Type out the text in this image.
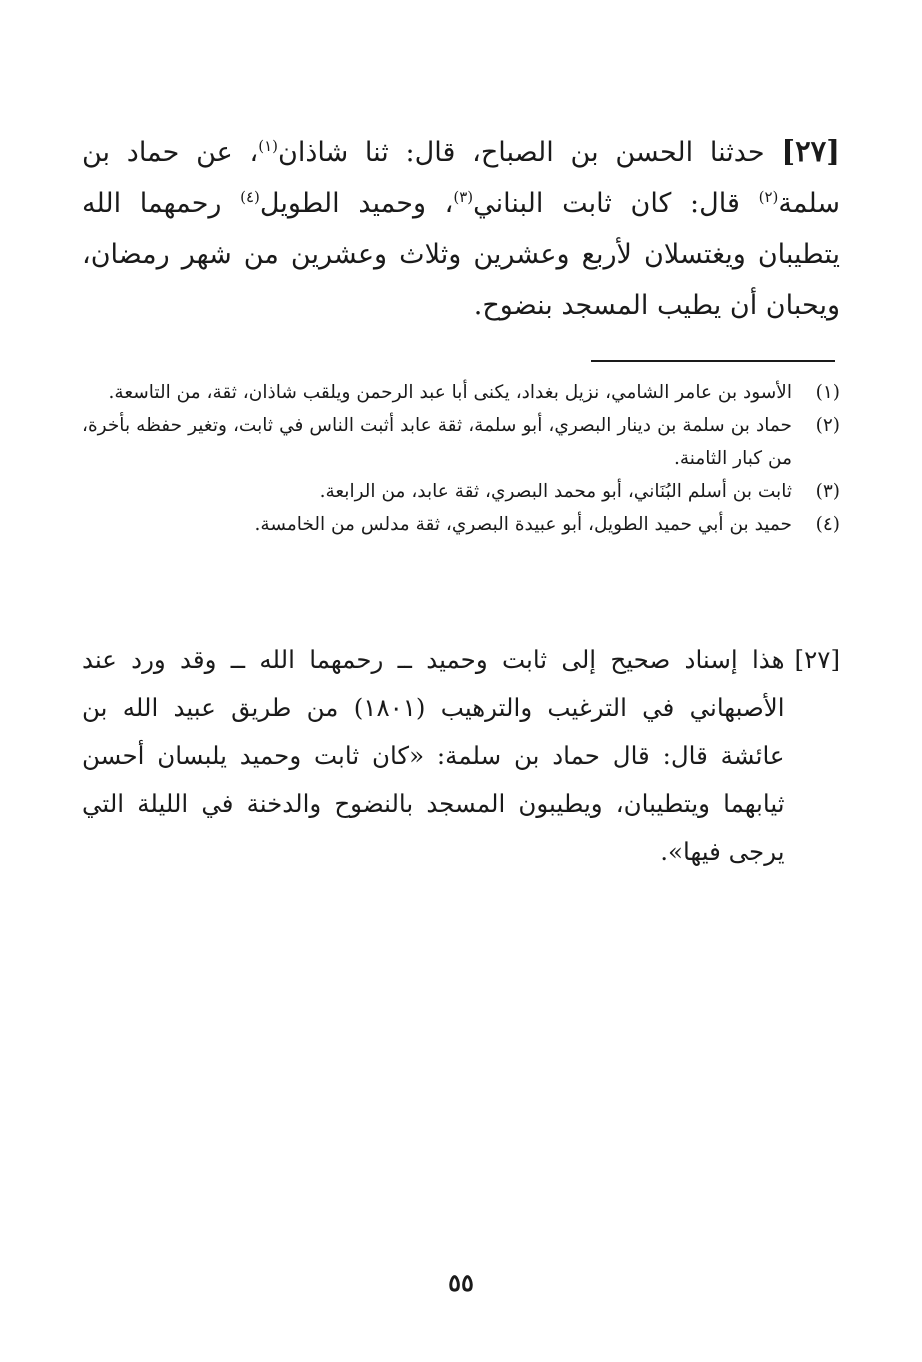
[٢٧] حدثنا الحسن بن الصباح، قال: ثنا شاذان$^{(١)}$، عن حماد بن سلمة$^{(٢)}$ قال: كان ثابت البناني$^{(٣)}$، وحميد الطويل$^{(٤)}$ رحمهما الله يتطيبان ويغتسلان لأربع وعشرين وثلاث وعشرين من شهر رمضان، ويحبان أن يطيب المسجد بنضوح.

(١)
الأسود بن عامر الشامي، نزيل بغداد، يكنى أبا عبد الرحمن ويلقب شاذان، ثقة، من التاسعة.
(٢)
حماد بن سلمة بن دينار البصري، أبو سلمة، ثقة عابد أثبت الناس في ثابت، وتغير حفظه بأخرة، من كبار الثامنة.
(٣)
ثابت بن أسلم البُنَاني، أبو محمد البصري، ثقة عابد، من الرابعة.
(٤)
حميد بن أبي حميد الطويل، أبو عبيدة البصري، ثقة مدلس من الخامسة.
[٢٧]
هذا إسناد صحيح إلى ثابت وحميد ــ رحمهما الله ــ وقد ورد عند الأصبهاني في الترغيب والترهيب (١٨٠١) من طريق عبيد الله بن عائشة قال: قال حماد بن سلمة: «كان ثابت وحميد يلبسان أحسن ثيابهما ويتطيبان، ويطيبون المسجد بالنضوح والدخنة في الليلة التي يرجى فيها».
٥٥
